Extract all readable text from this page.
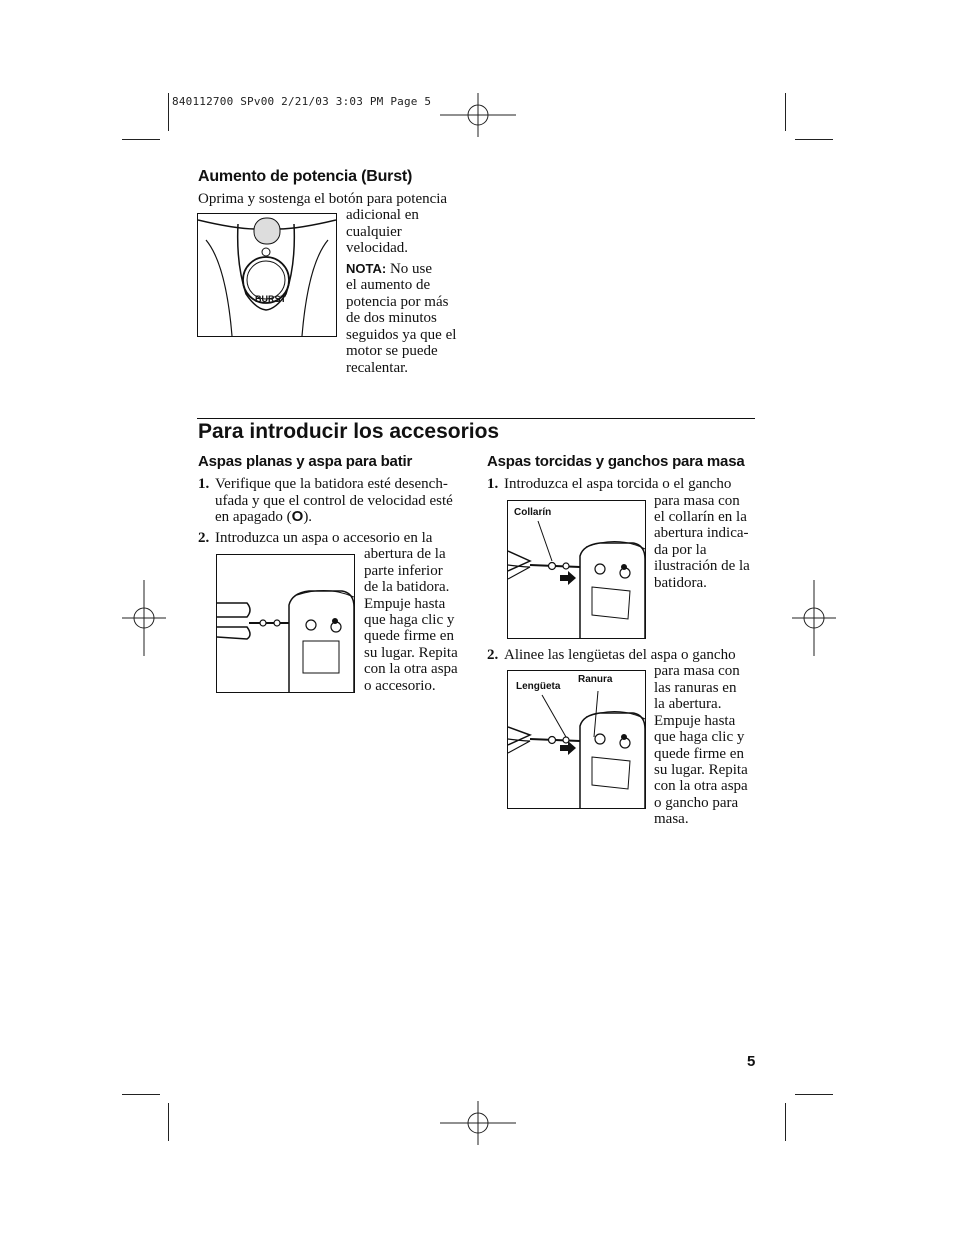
840112700 SPv00 2/21/03 3:03 PM Page 5
Aumento de potencia (Burst)
Oprima y sostenga el botón para potencia
adicional en
cualquier
velocidad.
NOTA: No use
el aumento de
potencia por más
de dos minutos
seguidos ya que el
motor se puede
recalentar.
BURST
Para introducir los accesorios
Aspas planas y aspa para batir
1. Verifique que la batidora esté desench-
ufada y que el control de velocidad esté
en apagado (O).
2. Introduzca un aspa o accesorio en la
abertura de la
parte inferior
de la batidora.
Empuje hasta
que haga clic y
quede firme en
su lugar. Repita
con la otra aspa
o accesorio.
Aspas torcidas y ganchos para masa
1. Introduzca el aspa torcida o el gancho
para masa con
el collarín en la
abertura indica-
da por la
ilustración de la
batidora.
2. Alinee las lengüetas del aspa o gancho
para masa con
las ranuras en
la abertura.
Empuje hasta
que haga clic y
quede firme en
su lugar. Repita
con la otra aspa
o gancho para
masa.
Collarín
Lengüeta
Ranura
5
